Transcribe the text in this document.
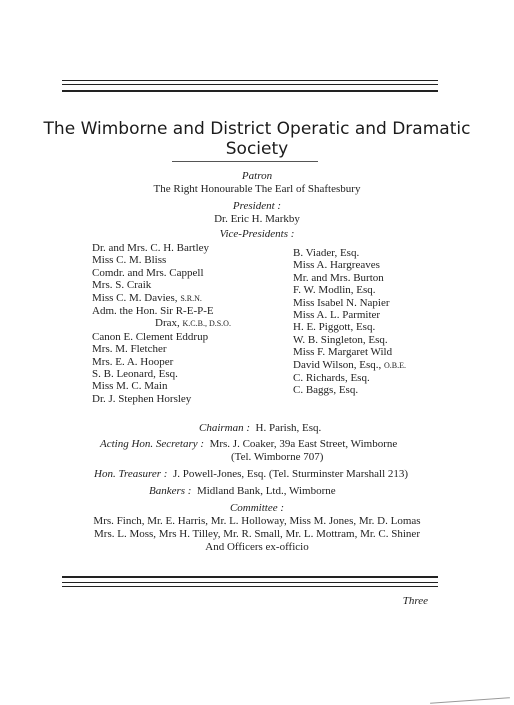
The Wimborne and District Operatic and Dramatic
Society
Patron
The Right Honourable The Earl of Shaftesbury
President :
Dr. Eric H. Markby
Vice-Presidents :
Dr. and Mrs. C. H. Bartley
Miss C. M. Bliss
Comdr. and Mrs. Cappell
Mrs. S. Craik
Miss C. M. Davies, S.R.N.
Adm. the Hon. Sir R-E-P-E
Drax, K.C.B., D.S.O.
Canon E. Clement Eddrup
Mrs. M. Fletcher
Mrs. E. A. Hooper
S. B. Leonard, Esq.
Miss M. C. Main
Dr. J. Stephen Horsley
B. Viader, Esq.
Miss A. Hargreaves
Mr. and Mrs. Burton
F. W. Modlin, Esq.
Miss Isabel N. Napier
Miss A. L. Parmiter
H. E. Piggott, Esq.
W. B. Singleton, Esq.
Miss F. Margaret Wild
David Wilson, Esq., O.B.E.
C. Richards, Esq.
C. Baggs, Esq.
Chairman : H. Parish, Esq.
Acting Hon. Secretary : Mrs. J. Coaker, 39a East Street, Wimborne
(Tel. Wimborne 707)
Hon. Treasurer : J. Powell-Jones, Esq. (Tel. Sturminster Marshall 213)
Bankers : Midland Bank, Ltd., Wimborne
Committee :
Mrs. Finch, Mr. E. Harris, Mr. L. Holloway, Miss M. Jones, Mr. D. Lomas
Mrs. L. Moss, Mrs H. Tilley, Mr. R. Small, Mr. L. Mottram, Mr. C. Shiner
And Officers ex-officio
Three
